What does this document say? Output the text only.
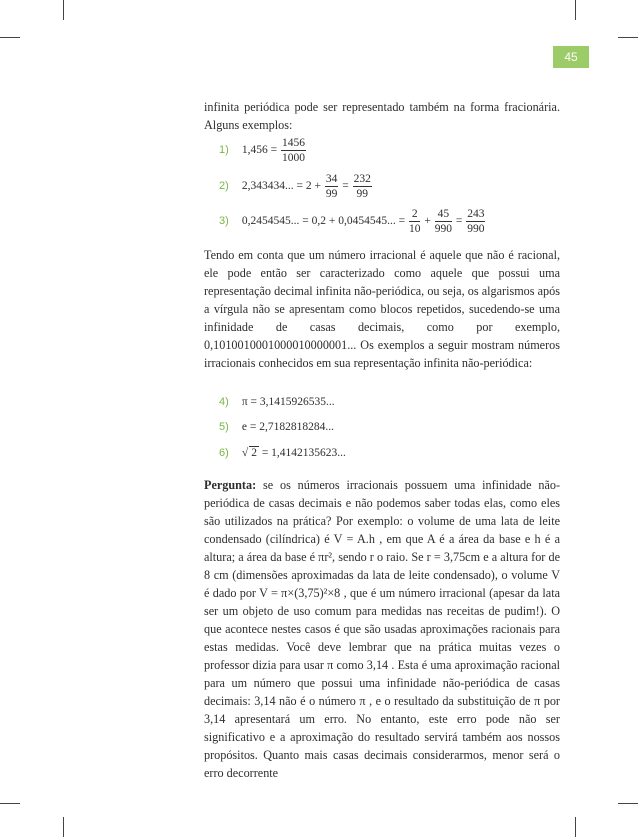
45
infinita periódica pode ser representado também na forma fracionária. Alguns exemplos:
1) $1,456 = \frac{1456}{1000}$
2) 2,343434... = $2 + \frac{34}{99} = \frac{232}{99}$
3) 0,2454545... = 0,2 + 0,0454545... = $\frac{2}{10} + \frac{45}{990} = \frac{243}{990}$
Tendo em conta que um número irracional é aquele que não é racional, ele pode então ser caracterizado como aquele que possui uma representação decimal infinita não-periódica, ou seja, os algarismos após a vírgula não se apresentam como blocos repetidos, sucedendo-se uma infinidade de casas decimais, como por exemplo, 0,1010010001000010000001... Os exemplos a seguir mostram números irracionais conhecidos em sua representação infinita não-periódica:
4) π = 3,1415926535...
5) e = 2,7182818284...
6) √ 2 = 1,4142135623...
Pergunta: se os números irracionais possuem uma infinidade não-periódica de casas decimais e não podemos saber todas elas, como eles são utilizados na prática? Por exemplo: o volume de uma lata de leite condensado (cilíndrica) é V = A.h , em que A é a área da base e h é a altura; a área da base é πr², sendo r o raio. Se r = 3,75cm e a altura for de 8 cm (dimensões aproximadas da lata de leite condensado), o volume V é dado por V = π×(3,75)²×8 , que é um número irracional (apesar da lata ser um objeto de uso comum para medidas nas receitas de pudim!). O que acontece nestes casos é que são usadas aproximações racionais para estas medidas. Você deve lembrar que na prática muitas vezes o professor dizia para usar π como 3,14 . Esta é uma aproximação racional para um número que possui uma infinidade não-periódica de casas decimais: 3,14 não é o número π , e o resultado da substituição de π por 3,14 apresentará um erro. No entanto, este erro pode não ser significativo e a aproximação do resultado servirá também aos nossos propósitos. Quanto mais casas decimais considerarmos, menor será o erro decorrente
